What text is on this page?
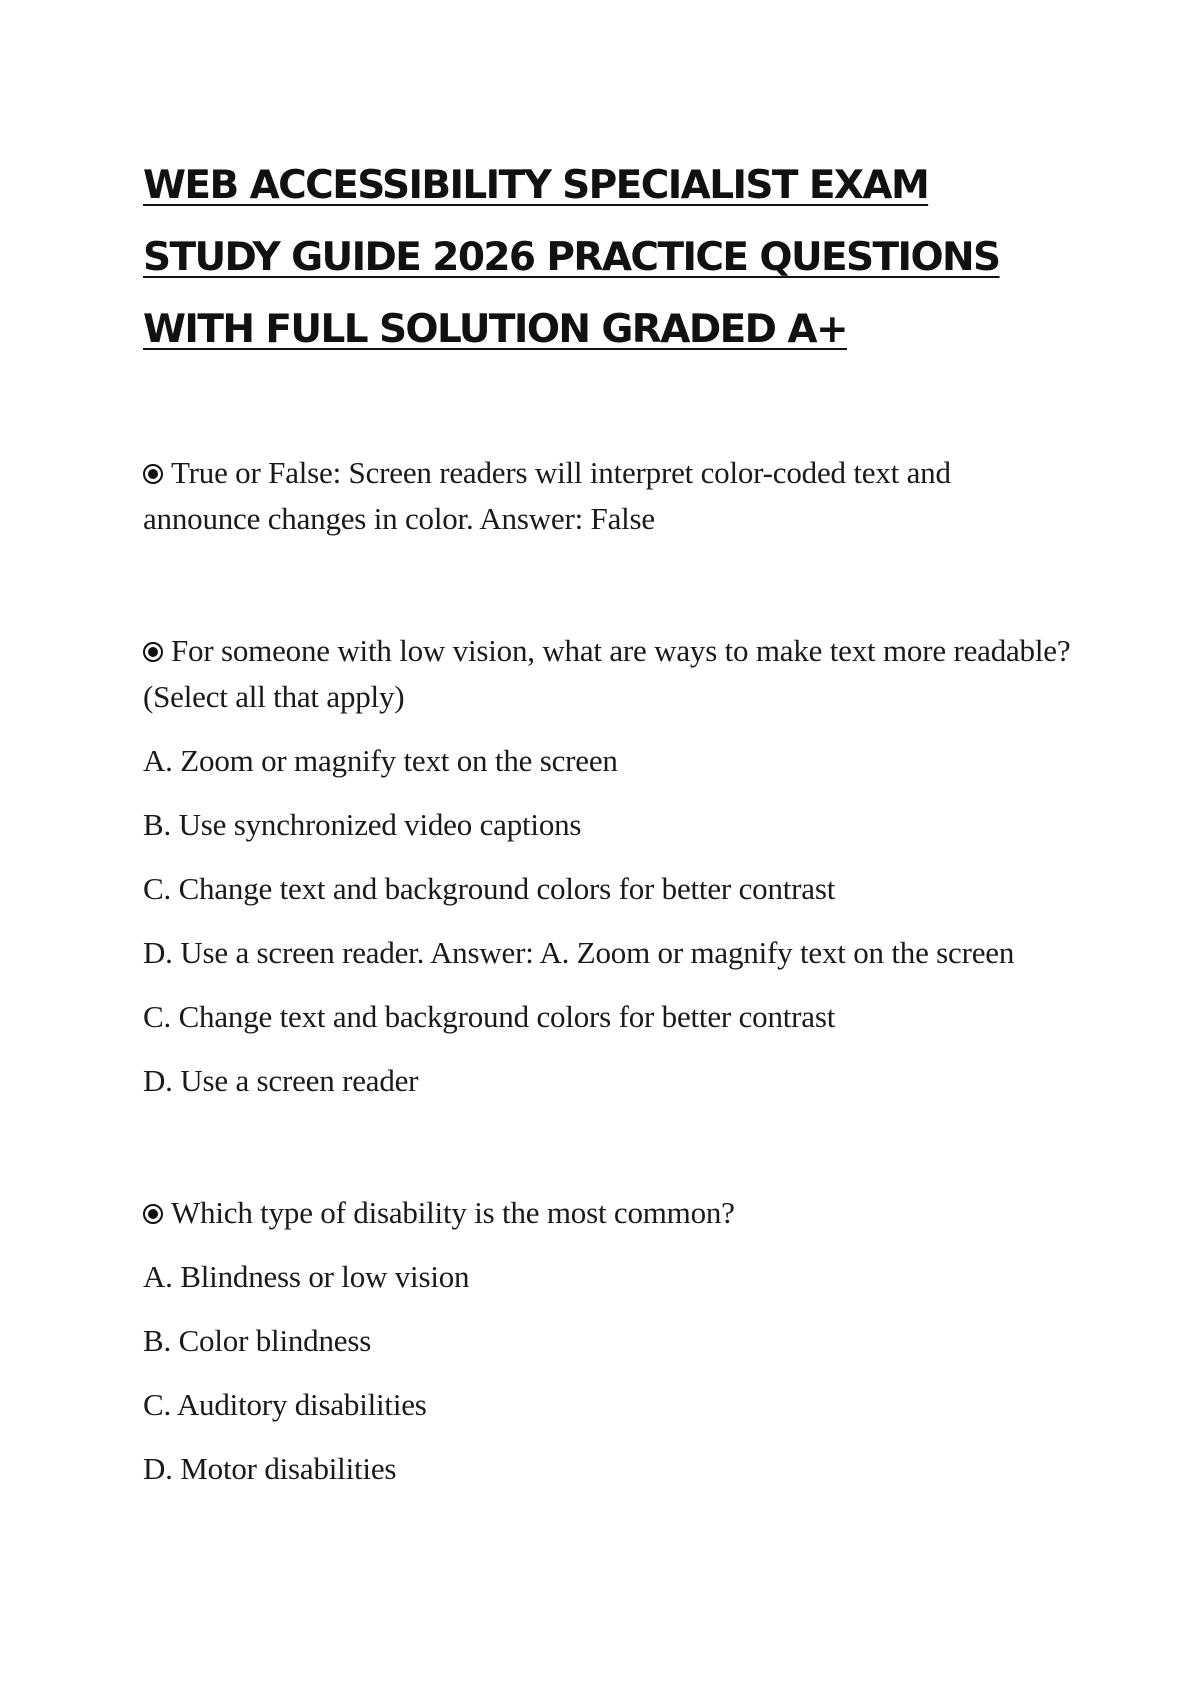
WEB ACCESSIBILITY SPECIALIST EXAM STUDY GUIDE 2026 PRACTICE QUESTIONS WITH FULL SOLUTION GRADED A+

True or False: Screen readers will interpret color-coded text and announce changes in color. Answer: False

For someone with low vision, what are ways to make text more readable? (Select all that apply)

A. Zoom or magnify text on the screen
B. Use synchronized video captions
C. Change text and background colors for better contrast
D. Use a screen reader. Answer: A. Zoom or magnify text on the screen
C. Change text and background colors for better contrast
D. Use a screen reader

Which type of disability is the most common?

A. Blindness or low vision
B. Color blindness
C. Auditory disabilities
D. Motor disabilities
